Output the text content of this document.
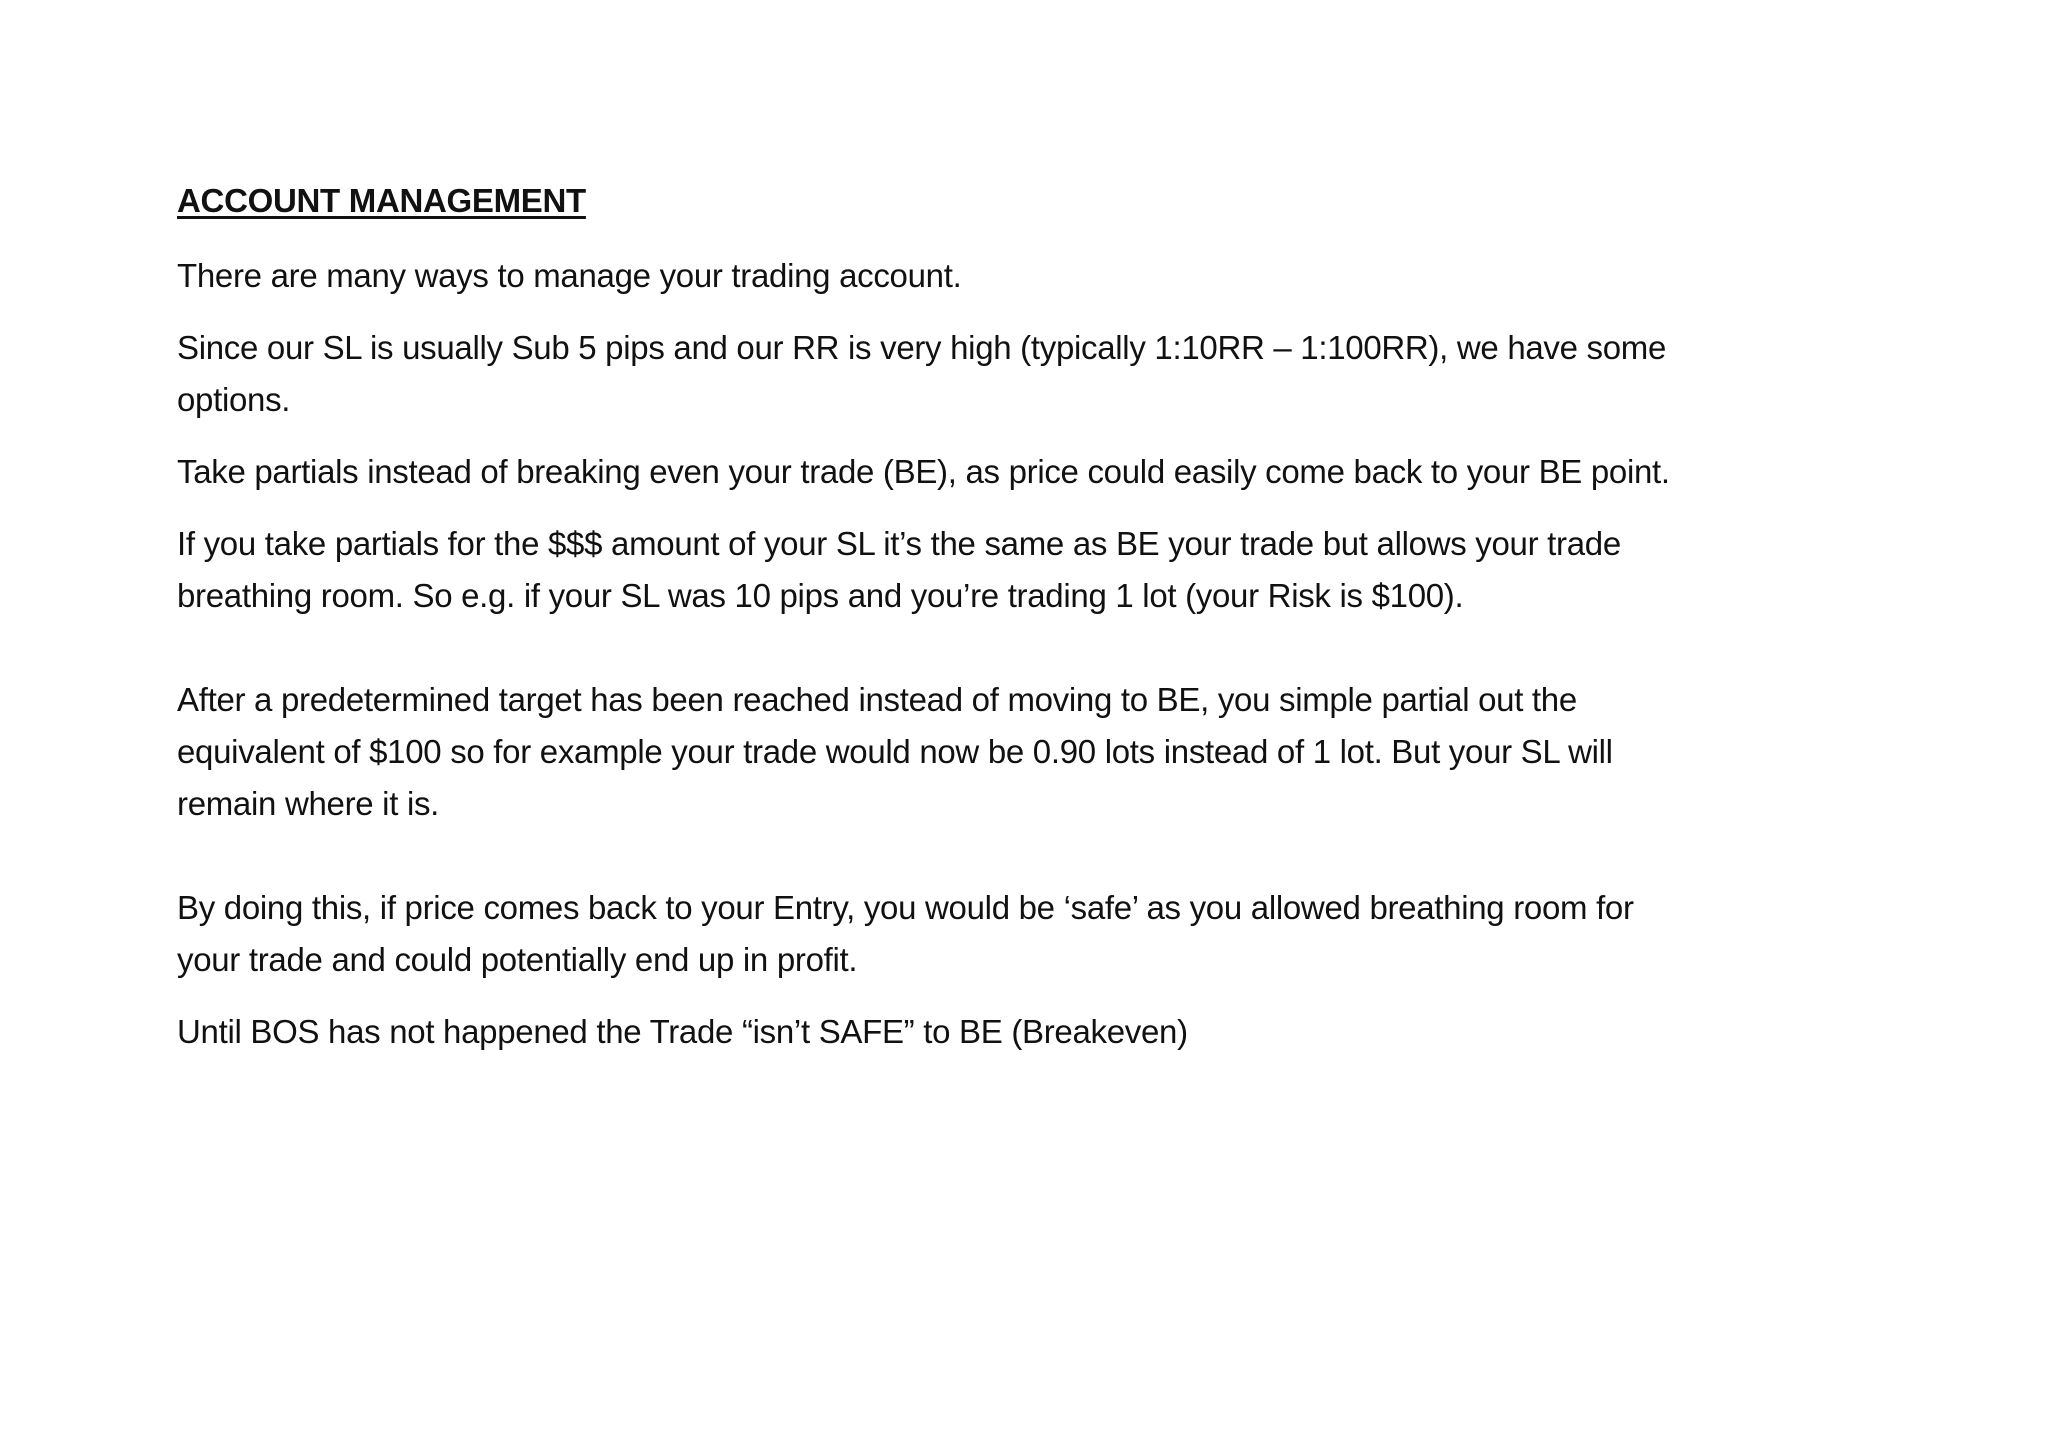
ACCOUNT MANAGEMENT

There are many ways to manage your trading account.

Since our SL is usually Sub 5 pips and our RR is very high (typically 1:10RR – 1:100RR), we have some
options.

Take partials instead of breaking even your trade (BE), as price could easily come back to your BE point.

If you take partials for the $$$ amount of your SL it’s the same as BE your trade but allows your trade
breathing room. So e.g. if your SL was 10 pips and you’re trading 1 lot (your Risk is $100).

After a predetermined target has been reached instead of moving to BE, you simple partial out the
equivalent of $100 so for example your trade would now be 0.90 lots instead of 1 lot. But your SL will
remain where it is.

By doing this, if price comes back to your Entry, you would be ‘safe’ as you allowed breathing room for
your trade and could potentially end up in profit.

Until BOS has not happened the Trade “isn’t SAFE” to BE (Breakeven)
